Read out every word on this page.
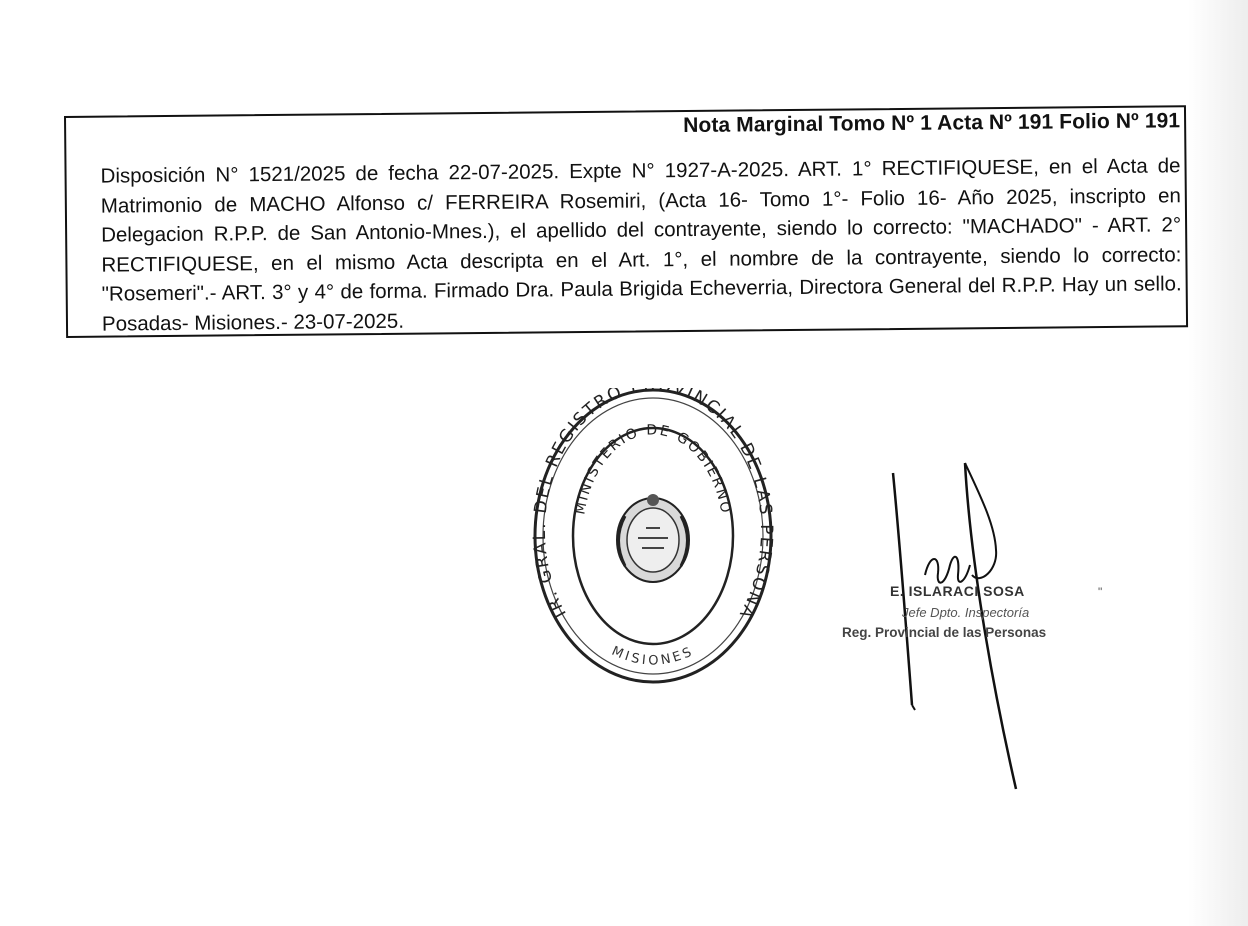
Nota Marginal Tomo Nº 1 Acta Nº 191 Folio Nº 191
Disposición N° 1521/2025 de fecha 22-07-2025. Expte N° 1927-A-2025. ART. 1° RECTIFIQUESE, en el Acta de Matrimonio de MACHO Alfonso c/ FERREIRA Rosemiri, (Acta 16- Tomo 1°- Folio 16- Año 2025, inscripto en Delegacion R.P.P. de San Antonio-Mnes.), el apellido del contrayente, siendo lo correcto: "MACHADO" - ART. 2° RECTIFIQUESE, en el mismo Acta descripta en el Art. 1°, el nombre de la contrayente, siendo lo correcto: "Rosemeri".- ART. 3° y 4° de forma. Firmado Dra. Paula Brigida Echeverria, Directora General del R.P.P. Hay un sello. Posadas- Misiones.- 23-07-2025.
IR. GRAL. DEL REGISTRO VINCIAL DE LAS PERSONA
MINISTERIO DE GOBIERNO
MISIONES
E. ISLARACI SOSA
Jefe Dpto. Inspectoría
Reg. Provincial de las Personas
"
